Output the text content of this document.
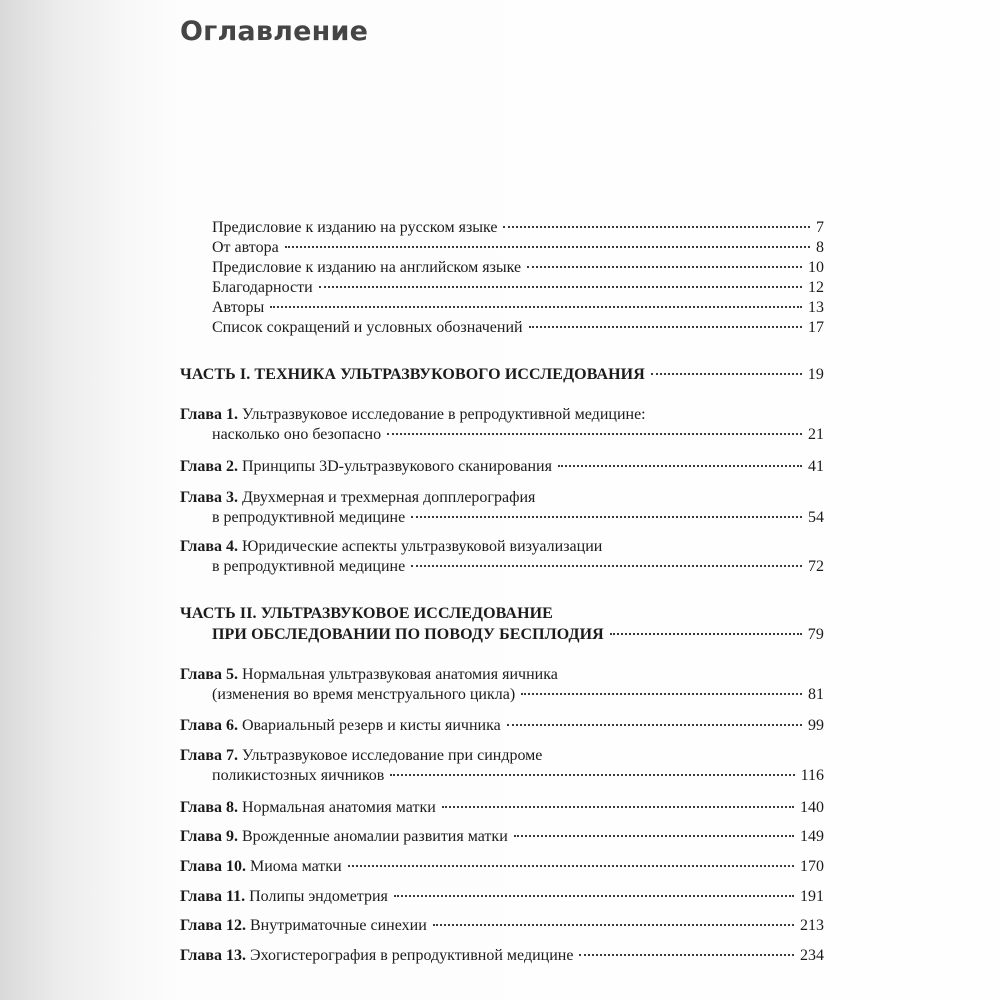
Оглавление
Предисловие к изданию на русском языке	7
От автора	8
Предисловие к изданию на английском языке	10
Благодарности	12
Авторы	13
Список сокращений и условных обозначений	17
ЧАСТЬ I. ТЕХНИКА УЛЬТРАЗВУКОВОГО ИССЛЕДОВАНИЯ	19
Глава 1. Ультразвуковое исследование в репродуктивной медицине:
насколько оно безопасно	21
Глава 2. Принципы 3D-ультразвукового сканирования	41
Глава 3. Двухмерная и трехмерная допплерография
в репродуктивной медицине	54
Глава 4. Юридические аспекты ультразвуковой визуализации
в репродуктивной медицине	72
ЧАСТЬ II. УЛЬТРАЗВУКОВОЕ ИССЛЕДОВАНИЕ
ПРИ ОБСЛЕДОВАНИИ ПО ПОВОДУ БЕСПЛОДИЯ	79
Глава 5. Нормальная ультразвуковая анатомия яичника
(изменения во время менструального цикла)	81
Глава 6. Овариальный резерв и кисты яичника	99
Глава 7. Ультразвуковое исследование при синдроме
поликистозных яичников	116
Глава 8. Нормальная анатомия матки	140
Глава 9. Врожденные аномалии развития матки	149
Глава 10. Миома матки	170
Глава 11. Полипы эндометрия	191
Глава 12. Внутриматочные синехии	213
Глава 13. Эхогистерография в репродуктивной медицине	234
